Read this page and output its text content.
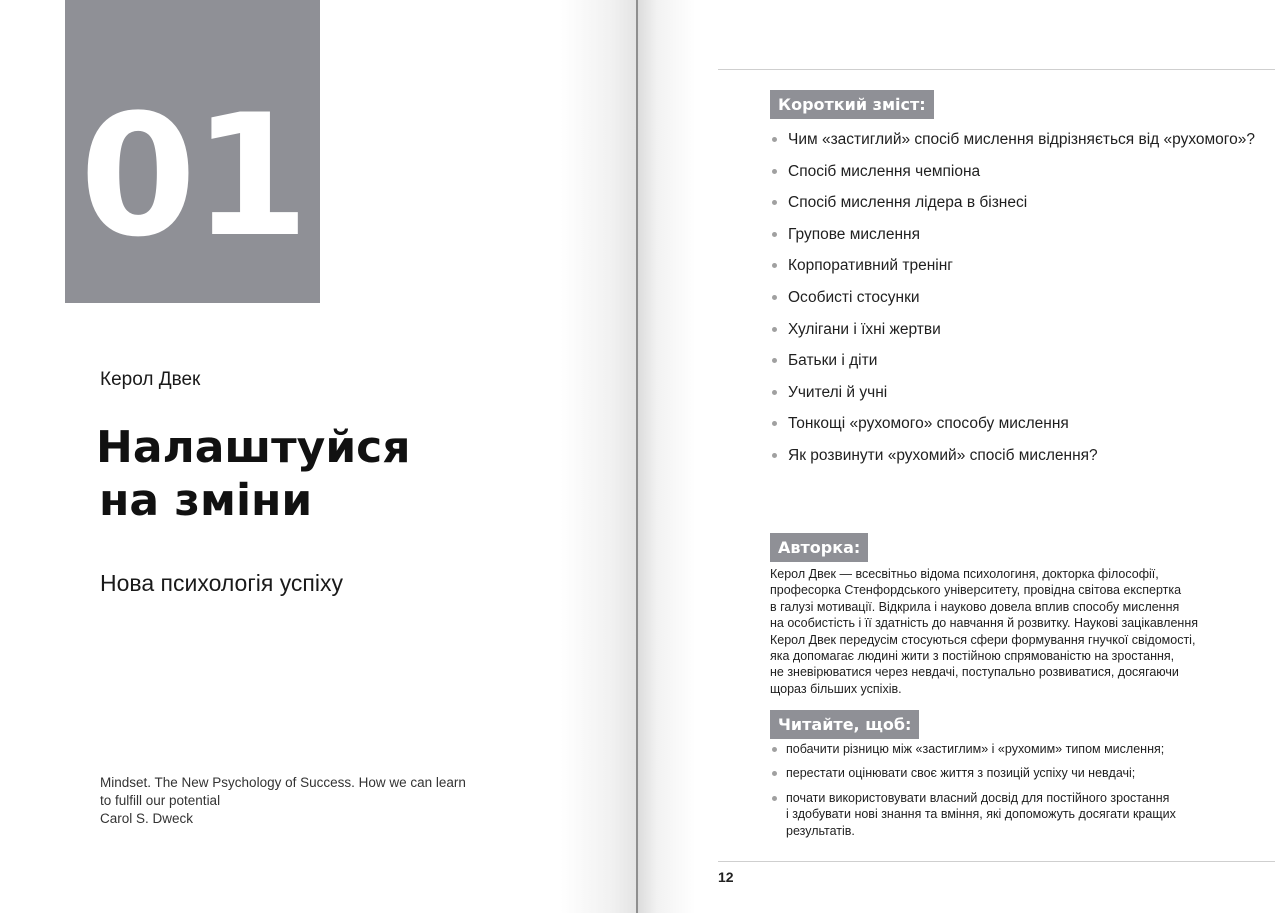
01
Керол Двек
Налаштуйся
на зміни
Нова психологія успіху
Mindset. The New Psychology of Success. How we can learn
to fulfill our potential
Carol S. Dweck
Короткий зміст:
Чим «застиглий» спосіб мислення відрізняється від «рухомого»?
Спосіб мислення чемпіона
Спосіб мислення лідера в бізнесі
Групове мислення
Корпоративний тренінг
Особисті стосунки
Хулігани і їхні жертви
Батьки і діти
Учителі й учні
Тонкощі «рухомого» способу мислення
Як розвинути «рухомий» спосіб мислення?
Авторка:

Керол Двек — всесвітньо відома психологиня, докторка філософії,
професорка Стенфордського університету, провідна світова експертка
в галузі мотивації. Відкрила і науково довела вплив способу мислення
на особистість і її здатність до навчання й розвитку. Наукові зацікавлення
Керол Двек передусім стосуються сфери формування гнучкої свідомості,
яка допомагає людині жити з постійною спрямованістю на зростання,
не зневірюватися через невдачі, поступально розвиватися, досягаючи
щораз більших успіхів.

Читайте, щоб:
побачити різницю між «застиглим» і «рухомим» типом мислення;
перестати оцінювати своє життя з позицій успіху чи невдачі;
почати використовувати власний досвід для постійного зростання
і здобувати нові знання та вміння, які допоможуть досягати кращих
результатів.
12
